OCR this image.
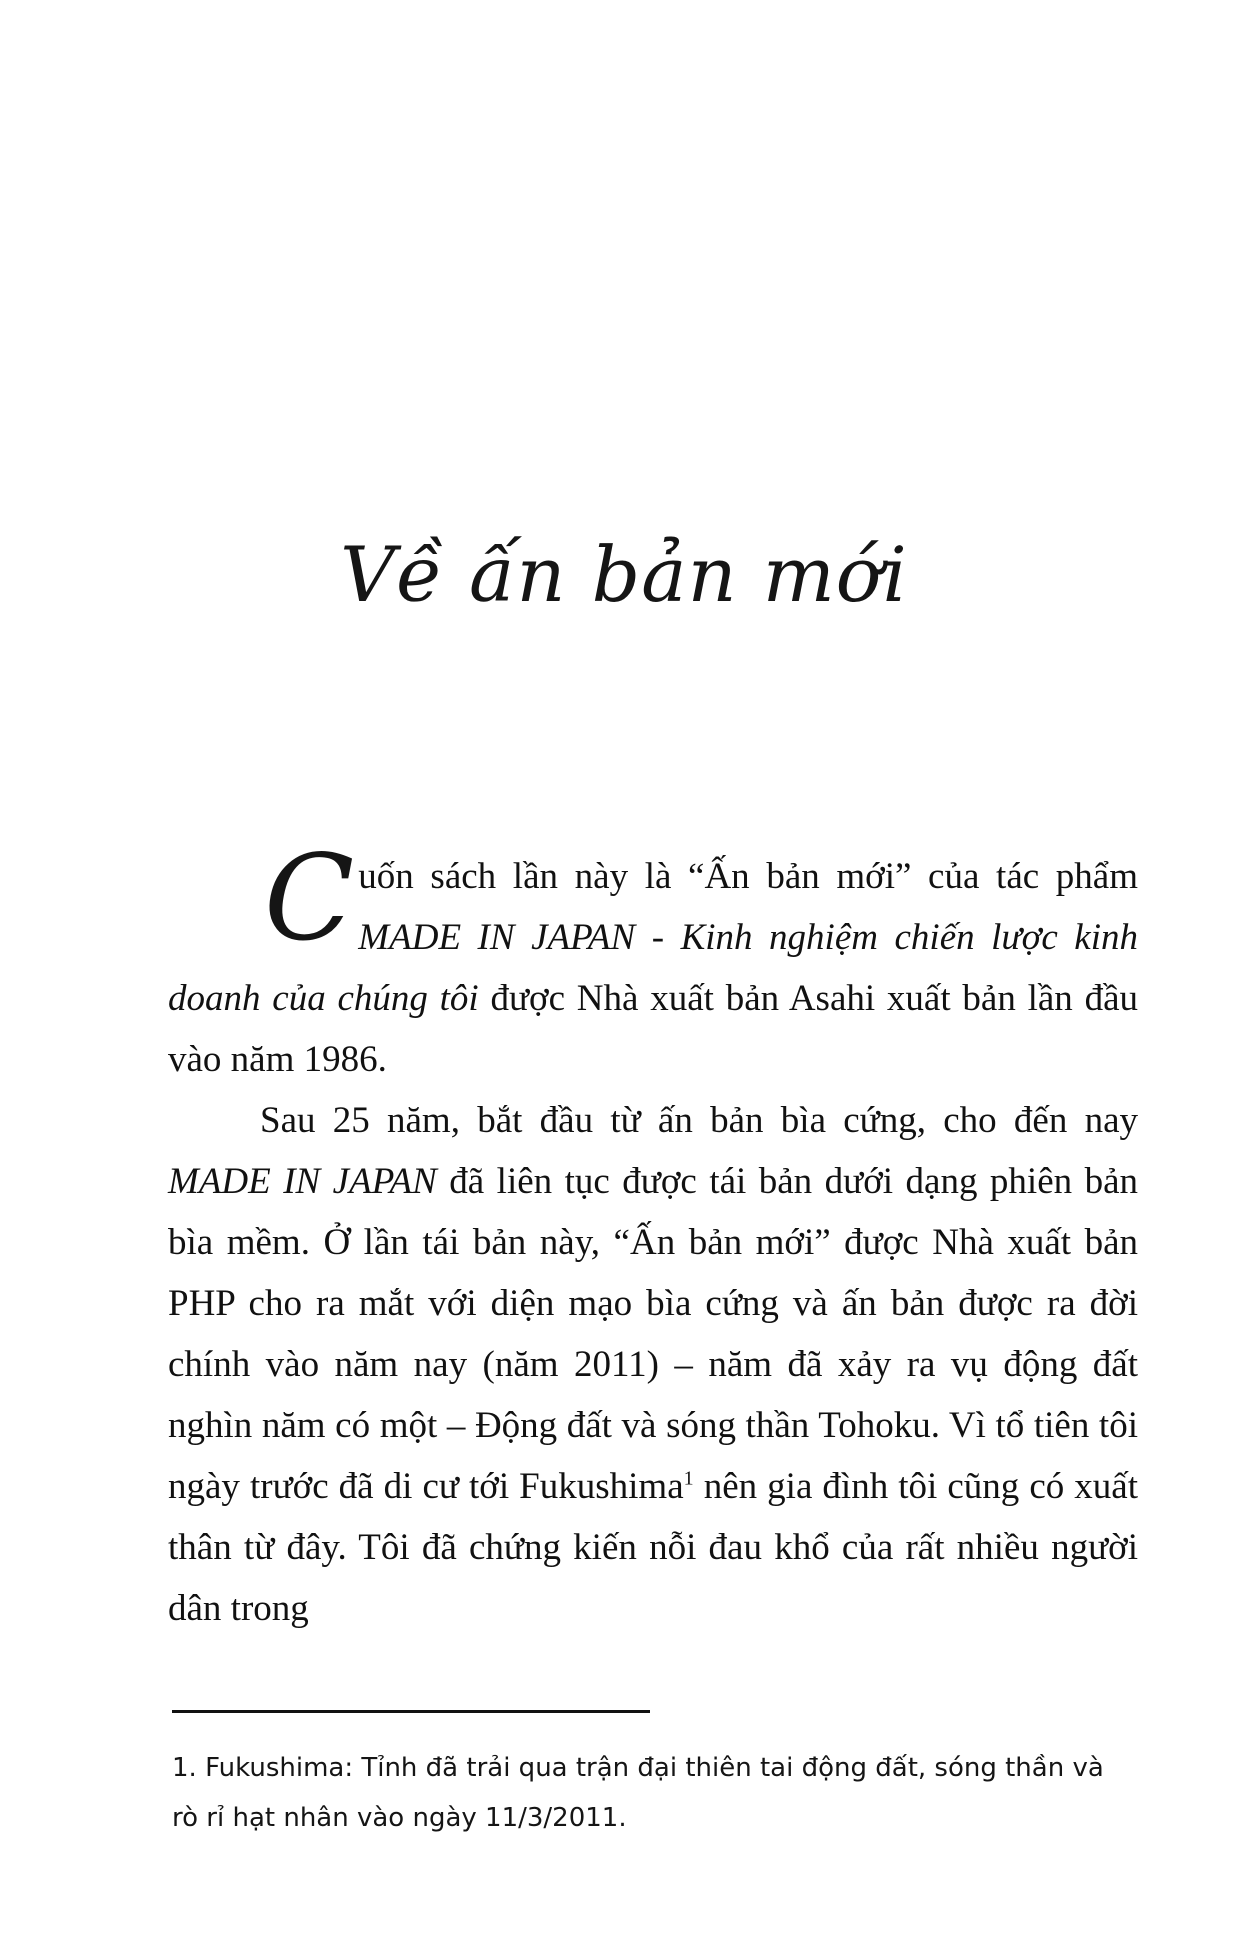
Về ấn bản mới

Cuốn sách lần này là “Ấn bản mới” của tác phẩm MADE IN JAPAN - Kinh nghiệm chiến lược kinh doanh của chúng tôi được Nhà xuất bản Asahi xuất bản lần đầu vào năm 1986.

Sau 25 năm, bắt đầu từ ấn bản bìa cứng, cho đến nay MADE IN JAPAN đã liên tục được tái bản dưới dạng phiên bản bìa mềm. Ở lần tái bản này, “Ấn bản mới” được Nhà xuất bản PHP cho ra mắt với diện mạo bìa cứng và ấn bản được ra đời chính vào năm nay (năm 2011) – năm đã xảy ra vụ động đất nghìn năm có một – Động đất và sóng thần Tohoku. Vì tổ tiên tôi ngày trước đã di cư tới Fukushima$^1$ nên gia đình tôi cũng có xuất thân từ đây. Tôi đã chứng kiến nỗi đau khổ của rất nhiều người dân trong

1. Fukushima: Tỉnh đã trải qua trận đại thiên tai động đất, sóng thần và rò rỉ hạt nhân vào ngày 11/3/2011.
